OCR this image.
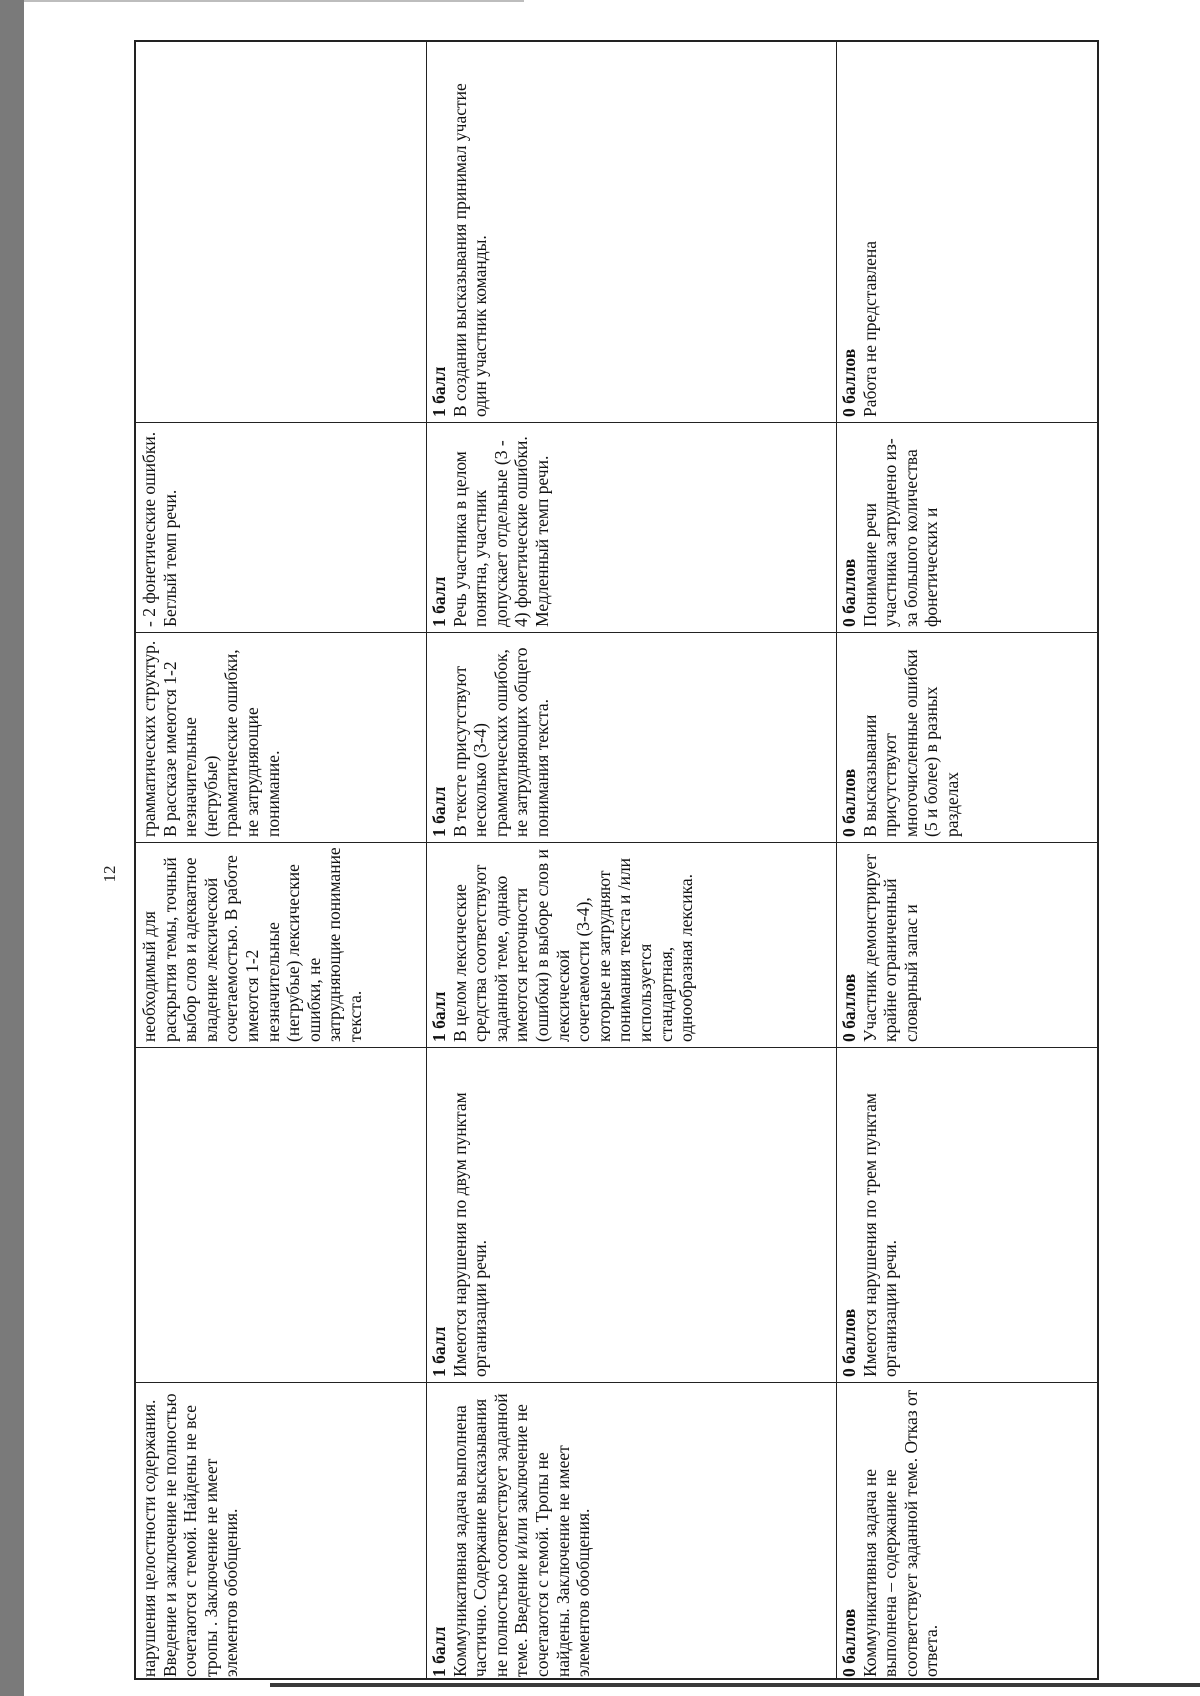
12
нарушения целостности содержания. Введение и заключение не полностью сочетаются с темой. Найдены не все тропы . Заключение не имеет элементов обобщения.
необходимый для раскрытия темы, точный выбор слов и адекватное владение лексической сочетаемостью. В работе имеются 1-2 незначительные (негрубые) лексические ошибки, не затрудняющие понимание текста.
грамматических структур. В рассказе имеются 1-2 незначительные (негрубые) грамматические ошибки, не затрудняющие понимание.
- 2 фонетические ошибки. Беглый темп речи.
1 балл Коммуникативная задача выполнена частично. Содержание высказывания не полностью соответствует заданной теме. Введение и/или заключение не сочетаются с темой. Тропы не найдены. Заключение не имеет элементов обобщения.
1 балл Имеются нарушения по двум пунктам организации речи.
1 балл В целом лексические средства соответствуют заданной теме, однако имеются неточности (ошибки) в выборе слов и лексической сочетаемости (3-4), которые не затрудняют понимания текста и /или используется стандартная, однообразная лексика.
1 балл В тексте присутствуют несколько (3-4) грамматических ошибок, не затрудняющих общего понимания текста.
1 балл Речь участника в целом понятна, участник допускает отдельные (3 - 4) фонетические ошибки. Медленный темп речи.
1 балл В создании высказывания принимал участие один участник команды.
0 баллов Коммуникативная задача не выполнена – содержание не соответствует заданной теме. Отказ от ответа.
0 баллов Имеются нарушения по трем пунктам организации речи.
0 баллов Участник демонстрирует крайне ограниченный словарный запас и
0 баллов В высказывании присутствуют многочисленные ошибки (5 и более) в разных разделах
0 баллов Понимание речи участника затруднено из-за большого количества фонетических и
0 баллов Работа не представлена
